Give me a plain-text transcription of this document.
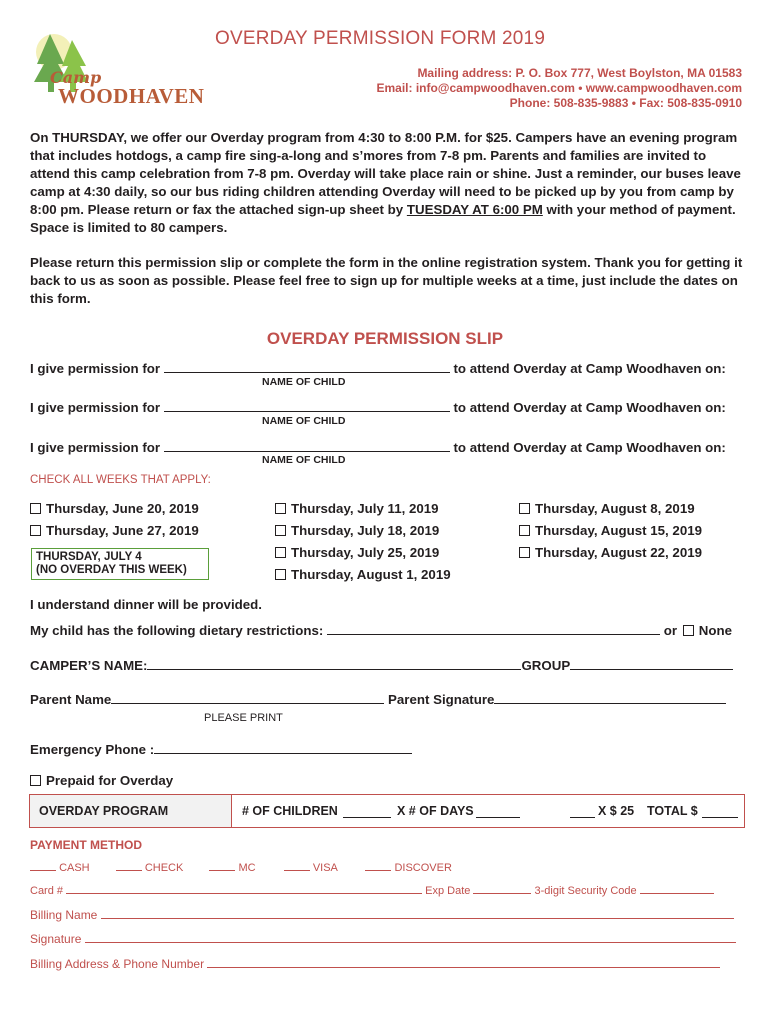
Camp
WOODHAVEN
OVERDAY PERMISSION FORM 2019
Mailing address: P. O. Box 777, West Boylston, MA 01583
Email: info@campwoodhaven.com • www.campwoodhaven.com
Phone: 508-835-9883 • Fax: 508-835-0910
On THURSDAY, we offer our Overday program from 4:30 to 8:00 P.M. for $25. Campers have an evening program that includes hotdogs, a camp fire sing-a-long and s’mores from 7-8 pm. Parents and families are invited to attend this camp celebration from 7-8 pm. Overday will take place rain or shine. Just a reminder, our buses leave camp at 4:30 daily, so our bus riding children attending Overday will need to be picked up by you from camp by 8:00 pm. Please return or fax the attached sign-up sheet by TUESDAY AT 6:00 PM with your method of payment. Space is limited to 80 campers.
Please return this permission slip or complete the form in the online registration system. Thank you for getting it back to us as soon as possible. Please feel free to sign up for multiple weeks at a time, just include the dates on this form.
OVERDAY PERMISSION SLIP
I give permission for	to attend Overday at Camp Woodhaven on:
NAME OF CHILD
I give permission for	to attend Overday at Camp Woodhaven on:
NAME OF CHILD
I give permission for	to attend Overday at Camp Woodhaven on:
NAME OF CHILD
CHECK ALL WEEKS THAT APPLY:
Thursday, June 20, 2019
Thursday, June 27, 2019
THURSDAY, JULY 4
(NO OVERDAY THIS WEEK)
Thursday, July 11, 2019
Thursday, July 18, 2019
Thursday, July 25, 2019
Thursday, August 1, 2019
Thursday, August 8, 2019
Thursday, August 15, 2019
Thursday, August 22, 2019
I understand dinner will be provided.
My child has the following dietary restrictions:	or None
CAMPER’S NAME:	GROUP
Parent Name	Parent Signature
PLEASE PRINT
Emergency Phone :
Prepaid for Overday
OVERDAY PROGRAM	# OF CHILDREN	X # OF DAYS	X $ 25 TOTAL $
PAYMENT METHOD
CASH	CHECK	MC	VISA	DISCOVER
Card #	Exp Date	3-digit Security Code
Billing Name
Signature
Billing Address & Phone Number
